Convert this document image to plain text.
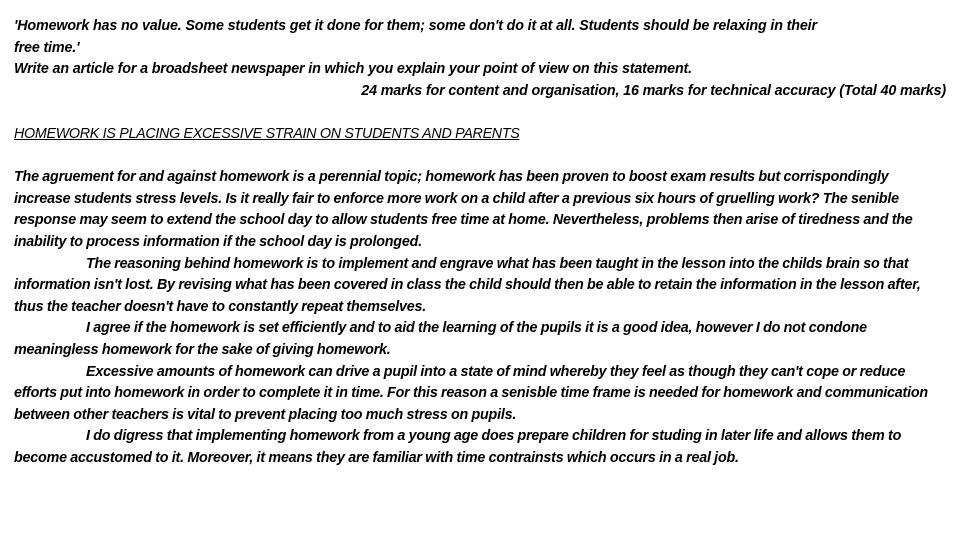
'Homework has no value. Some students get it done for them; some don't do it at all. Students should be relaxing in their
free time.'
Write an article for a broadsheet newspaper in which you explain your point of view on this statement.
24 marks for content and organisation, 16 marks for technical accuracy (Total 40 marks)
HOMEWORK IS PLACING EXCESSIVE STRAIN ON STUDENTS AND PARENTS

The agruement for and against homework is a perennial topic; homework has been proven to boost exam results but corrispondingly increase students stress levels. Is it really fair to enforce more work on a child after a previous six hours of gruelling work? The senible response may seem to extend the school day to allow students free time at home. Nevertheless, problems then arise of tiredness and the inability to process information if the school day is prolonged.

The reasoning behind homework is to implement and engrave what has been taught in the lesson into the childs brain so that information isn't lost. By revising what has been covered in class the child should then be able to retain the information in the lesson after, thus the teacher doesn't have to constantly repeat themselves.

I agree if the homework is set efficiently and to aid the learning of the pupils it is a good idea, however I do not condone meaningless homework for the sake of giving homework.

Excessive amounts of homework can drive a pupil into a state of mind whereby they feel as though they can't cope or reduce efforts put into homework in order to complete it in time. For this reason a senisble time frame is needed for homework and communication between other teachers is vital to prevent placing too much stress on pupils.

I do digress that implementing homework from a young age does prepare children for studing in later life and allows them to become accustomed to it. Moreover, it means they are familiar with time contrainsts which occurs in a real job.
